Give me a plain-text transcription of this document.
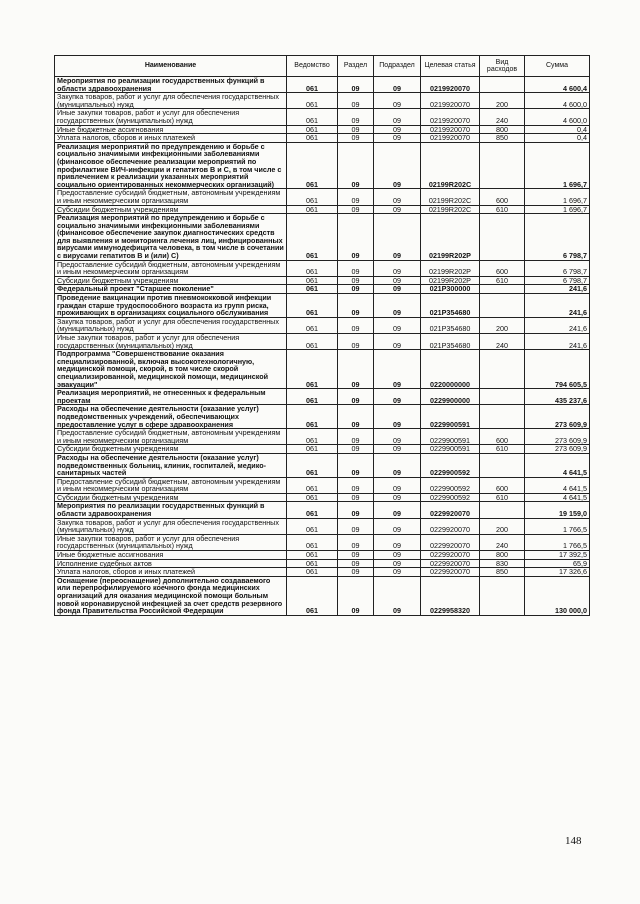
Наименование	Ведомство	Раздел	Подраздел	Целевая статья	Вид расходов	Сумма
Мероприятия по реализации государственных функций в области здравоохранения	061	09	09	0219920070		4 600,4
Закупка товаров, работ и услуг для обеспечения государственных (муниципальных) нужд	061	09	09	0219920070	200	4 600,0
Иные закупки товаров, работ и услуг для обеспечения государственных (муниципальных) нужд	061	09	09	0219920070	240	4 600,0
Иные бюджетные ассигнования	061	09	09	0219920070	800	0,4
Уплата налогов, сборов и иных платежей	061	09	09	0219920070	850	0,4
Реализация мероприятий по предупреждению и борьбе с социально значимыми инфекционными заболеваниями (финансовое обеспечение реализации мероприятий по профилактике ВИЧ-инфекции и гепатитов В и С, в том числе с привлечением к реализации указанных мероприятий социально ориентированных некоммерческих организаций)	061	09	09	02199R202C		1 696,7
Предоставление субсидий бюджетным, автономным учреждениям и иным некоммерческим организациям	061	09	09	02199R202C	600	1 696,7
Субсидии бюджетным учреждениям	061	09	09	02199R202C	610	1 696,7
Реализация мероприятий по предупреждению и борьбе с социально значимыми инфекционными заболеваниями (финансовое обеспечение закупок диагностических средств для выявления и мониторинга лечения лиц, инфицированных вирусами иммунодефицита человека, в том числе в сочетании с вирусами гепатитов В и (или) С)	061	09	09	02199R202P		6 798,7
Предоставление субсидий бюджетным, автономным учреждениям и иным некоммерческим организациям	061	09	09	02199R202P	600	6 798,7
Субсидии бюджетным учреждениям	061	09	09	02199R202P	610	6 798,7
Федеральный проект "Старшее поколение"	061	09	09	021P300000		241,6
Проведение вакцинации против пневмококковой инфекции граждан старше трудоспособного возраста из групп риска, проживающих в организациях социального обслуживания	061	09	09	021P354680		241,6
Закупка товаров, работ и услуг для обеспечения государственных (муниципальных) нужд	061	09	09	021P354680	200	241,6
Иные закупки товаров, работ и услуг для обеспечения государственных (муниципальных) нужд	061	09	09	021P354680	240	241,6
Подпрограмма "Совершенствование оказания специализированной, включая высокотехнологичную, медицинской помощи, скорой, в том числе скорой специализированной, медицинской помощи, медицинской эвакуации"	061	09	09	0220000000		794 605,5
Реализация мероприятий, не отнесенных к федеральным проектам	061	09	09	0229900000		435 237,6
Расходы на обеспечение деятельности (оказание услуг) подведомственных учреждений, обеспечивающих предоставление услуг в сфере здравоохранения	061	09	09	0229900591		273 609,9
Предоставление субсидий бюджетным, автономным учреждениям и иным некоммерческим организациям	061	09	09	0229900591	600	273 609,9
Субсидии бюджетным учреждениям	061	09	09	0229900591	610	273 609,9
Расходы на обеспечение деятельности (оказание услуг) подведомственных больниц, клиник, госпиталей, медико-санитарных частей	061	09	09	0229900592		4 641,5
Предоставление субсидий бюджетным, автономным учреждениям и иным некоммерческим организациям	061	09	09	0229900592	600	4 641,5
Субсидии бюджетным учреждениям	061	09	09	0229900592	610	4 641,5
Мероприятия по реализации государственных функций в области здравоохранения	061	09	09	0229920070		19 159,0
Закупка товаров, работ и услуг для обеспечения государственных (муниципальных) нужд	061	09	09	0229920070	200	1 766,5
Иные закупки товаров, работ и услуг для обеспечения государственных (муниципальных) нужд	061	09	09	0229920070	240	1 766,5
Иные бюджетные ассигнования	061	09	09	0229920070	800	17 392,5
Исполнение судебных актов	061	09	09	0229920070	830	65,9
Уплата налогов, сборов и иных платежей	061	09	09	0229920070	850	17 326,6
Оснащение (переоснащение) дополнительно создаваемого или перепрофилируемого коечного фонда медицинских организаций для оказания медицинской помощи больным новой коронавирусной инфекцией за счет средств резервного фонда Правительства Российской Федерации	061	09	09	0229958320		130 000,0
148
